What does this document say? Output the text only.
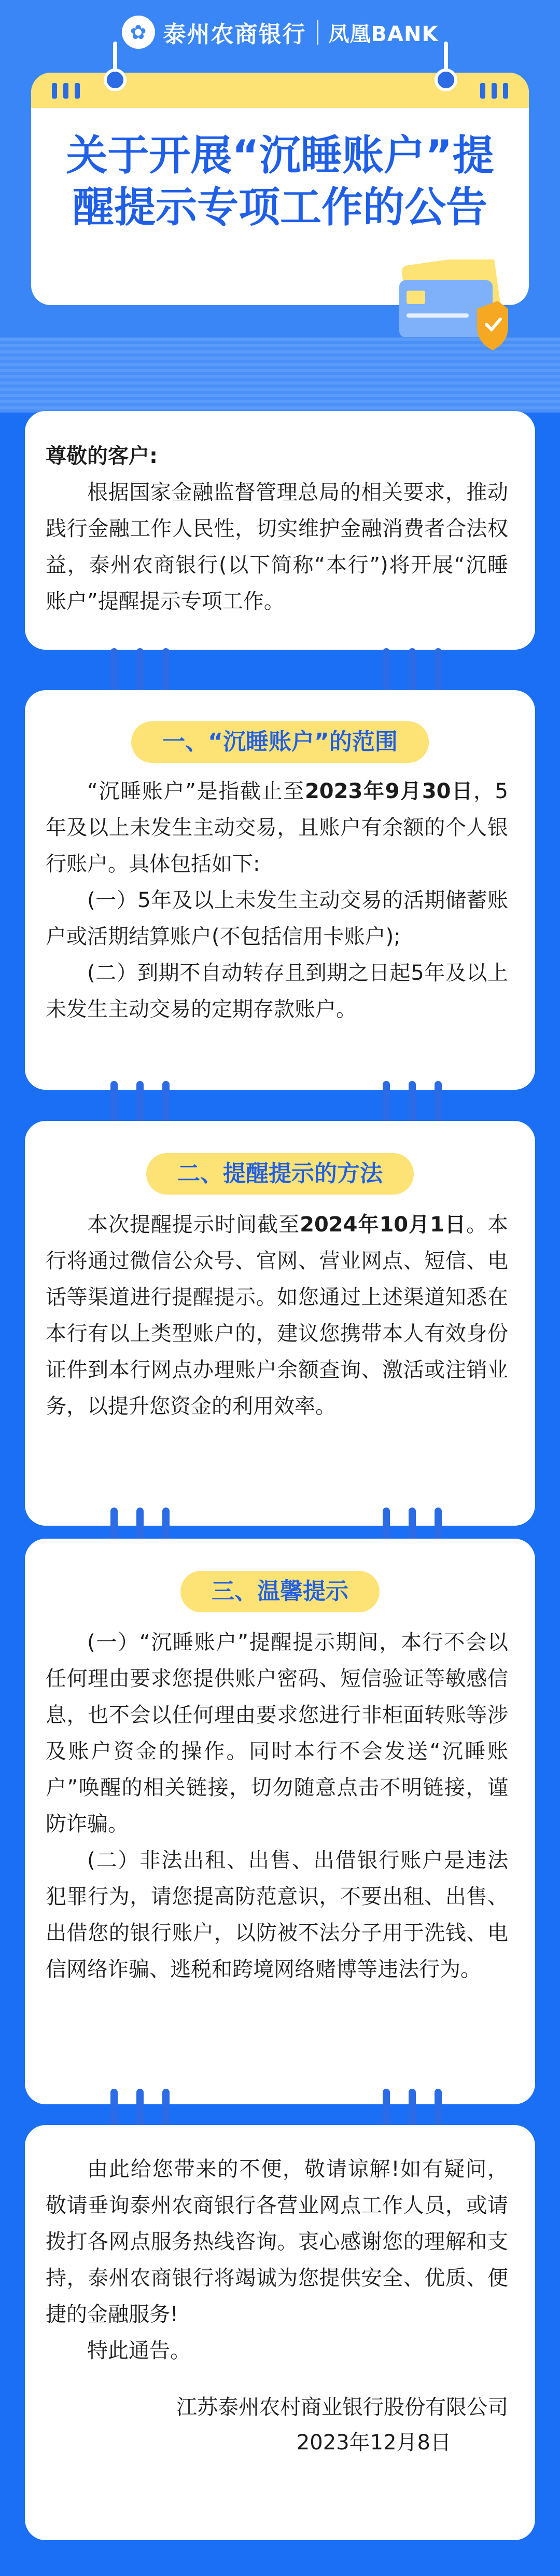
✿ 泰州农商银行 凤凰BANK
关于开展“沉睡账户”提
醒提示专项工作的公告

尊敬的客户:

根据国家金融监督管理总局的相关要求，推动践行金融工作人民性，切实维护金融消费者合法权益，泰州农商银行(以下简称“本行”)将开展“沉睡账户”提醒提示专项工作。

一、“沉睡账户”的范围

“沉睡账户”是指截止至2023年9月30日，5年及以上未发生主动交易，且账户有余额的个人银行账户。具体包括如下:

(一）5年及以上未发生主动交易的活期储蓄账户或活期结算账户(不包括信用卡账户);

(二）到期不自动转存且到期之日起5年及以上未发生主动交易的定期存款账户。

二、提醒提示的方法

本次提醒提示时间截至2024年10月1日。本行将通过微信公众号、官网、营业网点、短信、电话等渠道进行提醒提示。如您通过上述渠道知悉在本行有以上类型账户的，建议您携带本人有效身份证件到本行网点办理账户余额查询、激活或注销业务，以提升您资金的利用效率。

三、温馨提示

(一）“沉睡账户”提醒提示期间，本行不会以任何理由要求您提供账户密码、短信验证等敏感信息，也不会以任何理由要求您进行非柜面转账等涉及账户资金的操作。同时本行不会发送“沉睡账户”唤醒的相关链接，切勿随意点击不明链接，谨防诈骗。

(二）非法出租、出售、出借银行账户是违法犯罪行为，请您提高防范意识，不要出租、出售、出借您的银行账户，以防被不法分子用于洗钱、电信网络诈骗、逃税和跨境网络赌博等违法行为。

由此给您带来的不便，敬请谅解!如有疑问，敬请垂询泰州农商银行各营业网点工作人员，或请拨打各网点服务热线咨询。衷心感谢您的理解和支持，泰州农商银行将竭诚为您提供安全、优质、便捷的金融服务!

特此通告。

江苏泰州农村商业银行股份有限公司

2023年12月8日
